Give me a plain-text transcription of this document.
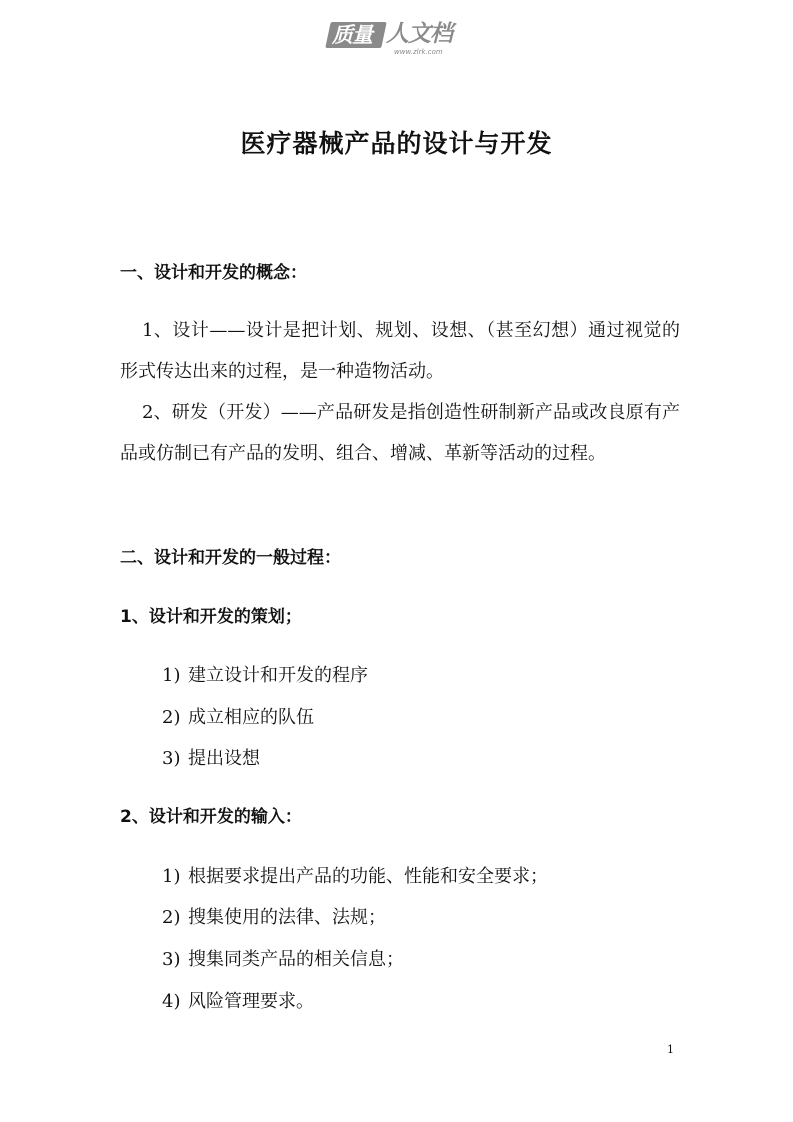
质量 人文档
www.zlrk.com
医疗器械产品的设计与开发
一、设计和开发的概念：
1、设计——设计是把计划、规划、设想、（甚至幻想）通过视觉的形式传达出来的过程，是一种造物活动。
2、研发（开发）——产品研发是指创造性研制新产品或改良原有产品或仿制已有产品的发明、组合、增减、革新等活动的过程。
二、设计和开发的一般过程：
1、设计和开发的策划；
1) 建立设计和开发的程序
2) 成立相应的队伍
3) 提出设想
2、设计和开发的输入：
1) 根据要求提出产品的功能、性能和安全要求；
2) 搜集使用的法律、法规；
3) 搜集同类产品的相关信息；
4) 风险管理要求。
1
